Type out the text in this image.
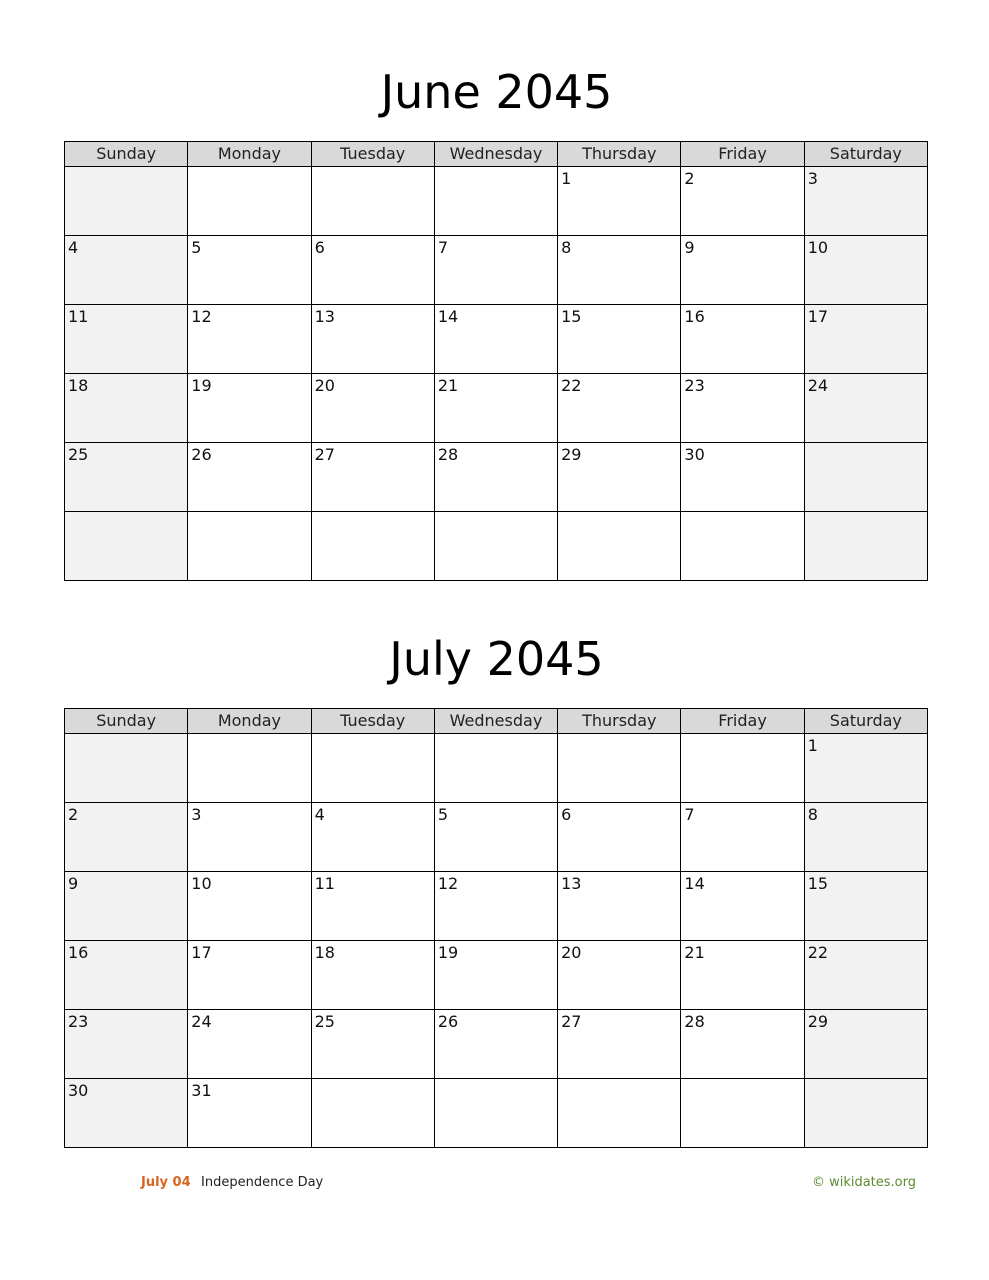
June 2045
Sunday	Monday	Tuesday	Wednesday	Thursday	Friday	Saturday

				1	2	3

4	5	6	7	8	9	10

11	12	13	14	15	16	17

18	19	20	21	22	23	24

25	26	27	28	29	30	

July 2045
Sunday	Monday	Tuesday	Wednesday	Thursday	Friday	Saturday

						1

2	3	4	5	6	7	8

9	10	11	12	13	14	15

16	17	18	19	20	21	22

23	24	25	26	27	28	29

30	31					

July 04 Independence Day	© wikidates.org
